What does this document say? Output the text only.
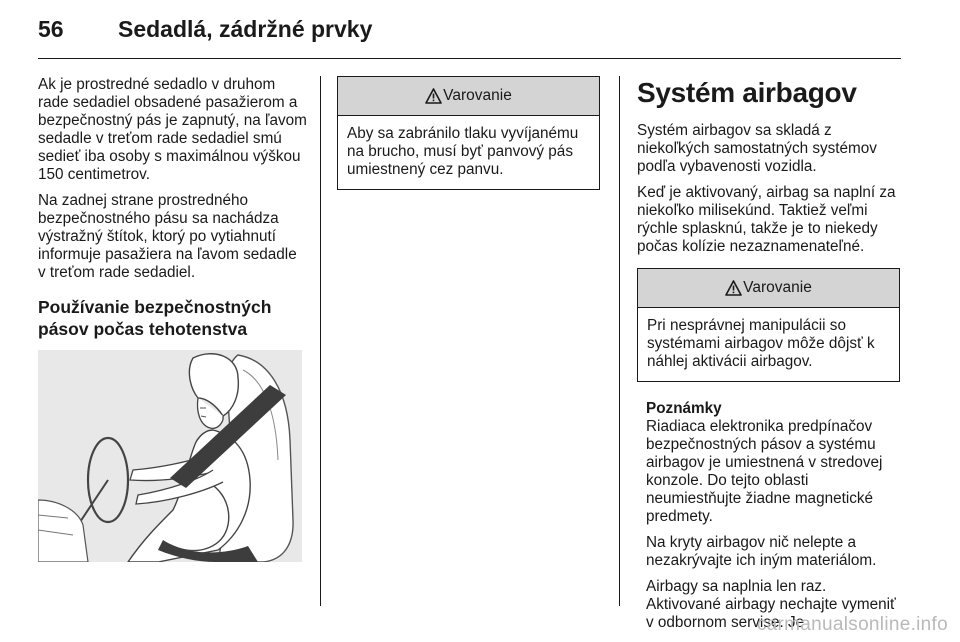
56 Sedadlá, zádržné prvky

Ak je prostredné sedadlo v druhom rade sedadiel obsadené pasažierom a bezpečnostný pás je zapnutý, na ľavom sedadle v treťom rade sedadiel smú sedieť iba osoby s maximálnou výškou 150 centimetrov.

Na zadnej strane prostredného bezpečnostného pásu sa nachádza výstražný štítok, ktorý po vytiahnutí informuje pasažiera na ľavom sedadle v treťom rade sedadiel.

Používanie bezpečnostných pásov počas tehotenstva
Varovanie
Aby sa zabránilo tlaku vyvíjanému na brucho, musí byť panvový pás umiestnený cez panvu.
Systém airbagov

Systém airbagov sa skladá z niekoľkých samostatných systémov podľa vybavenosti vozidla.

Keď je aktivovaný, airbag sa naplní za niekoľko milisekúnd. Taktiež veľmi rýchle splasknú, takže je to niekedy počas kolízie nezaznamenateľné.

Varovanie
Pri nesprávnej manipulácii so systémami airbagov môže dôjsť k náhlej aktivácii airbagov.
Poznámky

Riadiaca elektronika predpínačov bezpečnostných pásov a systému airbagov je umiestnená v stredovej konzole. Do tejto oblasti neumiestňujte žiadne magnetické predmety.

Na kryty airbagov nič nelepte a nezakrývajte ich iným materiálom.

Airbagy sa naplnia len raz. Aktivované airbagy nechajte vymeniť v odbornom servise. Je

carmanualsonline.info
